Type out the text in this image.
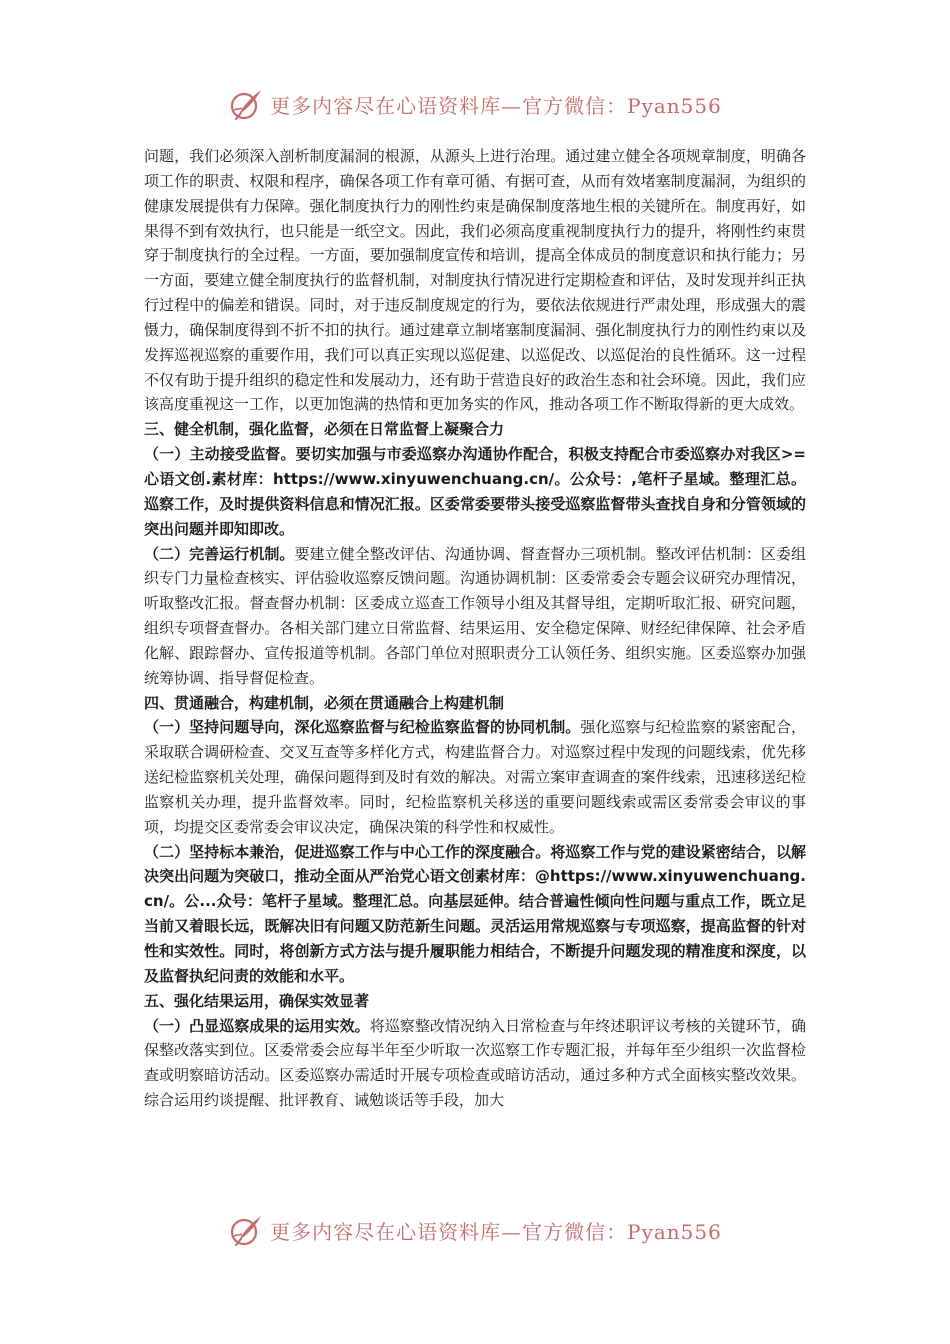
更多内容尽在心语资料库—官方微信：Pyan556

问题，我们必须深入剖析制度漏洞的根源，从源头上进行治理。通过建立健全各项规章制度，明确各项工作的职责、权限和程序，确保各项工作有章可循、有据可查，从而有效堵塞制度漏洞，为组织的健康发展提供有力保障。强化制度执行力的刚性约束是确保制度落地生根的关键所在。制度再好，如果得不到有效执行，也只能是一纸空文。因此，我们必须高度重视制度执行力的提升，将刚性约束贯穿于制度执行的全过程。一方面，要加强制度宣传和培训，提高全体成员的制度意识和执行能力；另一方面，要建立健全制度执行的监督机制，对制度执行情况进行定期检查和评估，及时发现并纠正执行过程中的偏差和错误。同时，对于违反制度规定的行为，要依法依规进行严肃处理，形成强大的震慑力，确保制度得到不折不扣的执行。通过建章立制堵塞制度漏洞、强化制度执行力的刚性约束以及发挥巡视巡察的重要作用，我们可以真正实现以巡促建、以巡促改、以巡促治的良性循环。这一过程不仅有助于提升组织的稳定性和发展动力，还有助于营造良好的政治生态和社会环境。因此，我们应该高度重视这一工作，以更加饱满的热情和更加务实的作风，推动各项工作不断取得新的更大成效。

三、健全机制，强化监督，必须在日常监督上凝聚合力

（一）主动接受监督。要切实加强与市委巡察办沟通协作配合，积极支持配合市委巡察办对我区>=心语文创.素材库：https://www.xinyuwenchuang.cn/。公众号：,笔杆子星域。整理汇总。巡察工作，及时提供资料信息和情况汇报。区委常委要带头接受巡察监督带头查找自身和分管领域的突出问题并即知即改。

（二）完善运行机制。要建立健全整改评估、沟通协调、督查督办三项机制。整改评估机制：区委组织专门力量检查核实、评估验收巡察反馈问题。沟通协调机制：区委常委会专题会议研究办理情况，听取整改汇报。督查督办机制：区委成立巡查工作领导小组及其督导组，定期听取汇报、研究问题，组织专项督查督办。各相关部门建立日常监督、结果运用、安全稳定保障、财经纪律保障、社会矛盾化解、跟踪督办、宣传报道等机制。各部门单位对照职责分工认领任务、组织实施。区委巡察办加强统筹协调、指导督促检查。

四、贯通融合，构建机制，必须在贯通融合上构建机制

（一）坚持问题导向，深化巡察监督与纪检监察监督的协同机制。强化巡察与纪检监察的紧密配合，采取联合调研检查、交叉互查等多样化方式，构建监督合力。对巡察过程中发现的问题线索，优先移送纪检监察机关处理，确保问题得到及时有效的解决。对需立案审查调查的案件线索，迅速移送纪检监察机关办理，提升监督效率。同时，纪检监察机关移送的重要问题线索或需区委常委会审议的事项，均提交区委常委会审议决定，确保决策的科学性和权威性。

（二）坚持标本兼治，促进巡察工作与中心工作的深度融合。将巡察工作与党的建设紧密结合，以解决突出问题为突破口，推动全面从严治党心语文创素材库：@https://www.xinyuwenchuang.cn/。公...众号：笔杆子星域。整理汇总。向基层延伸。结合普遍性倾向性问题与重点工作，既立足当前又着眼长远，既解决旧有问题又防范新生问题。灵活运用常规巡察与专项巡察，提高监督的针对性和实效性。同时，将创新方式方法与提升履职能力相结合，不断提升问题发现的精准度和深度，以及监督执纪问责的效能和水平。

五、强化结果运用，确保实效显著

（一）凸显巡察成果的运用实效。将巡察整改情况纳入日常检查与年终述职评议考核的关键环节，确保整改落实到位。区委常委会应每半年至少听取一次巡察工作专题汇报，并每年至少组织一次监督检查或明察暗访活动。区委巡察办需适时开展专项检查或暗访活动，通过多种方式全面核实整改效果。综合运用约谈提醒、批评教育、诫勉谈话等手段，加大

更多内容尽在心语资料库—官方微信：Pyan556
